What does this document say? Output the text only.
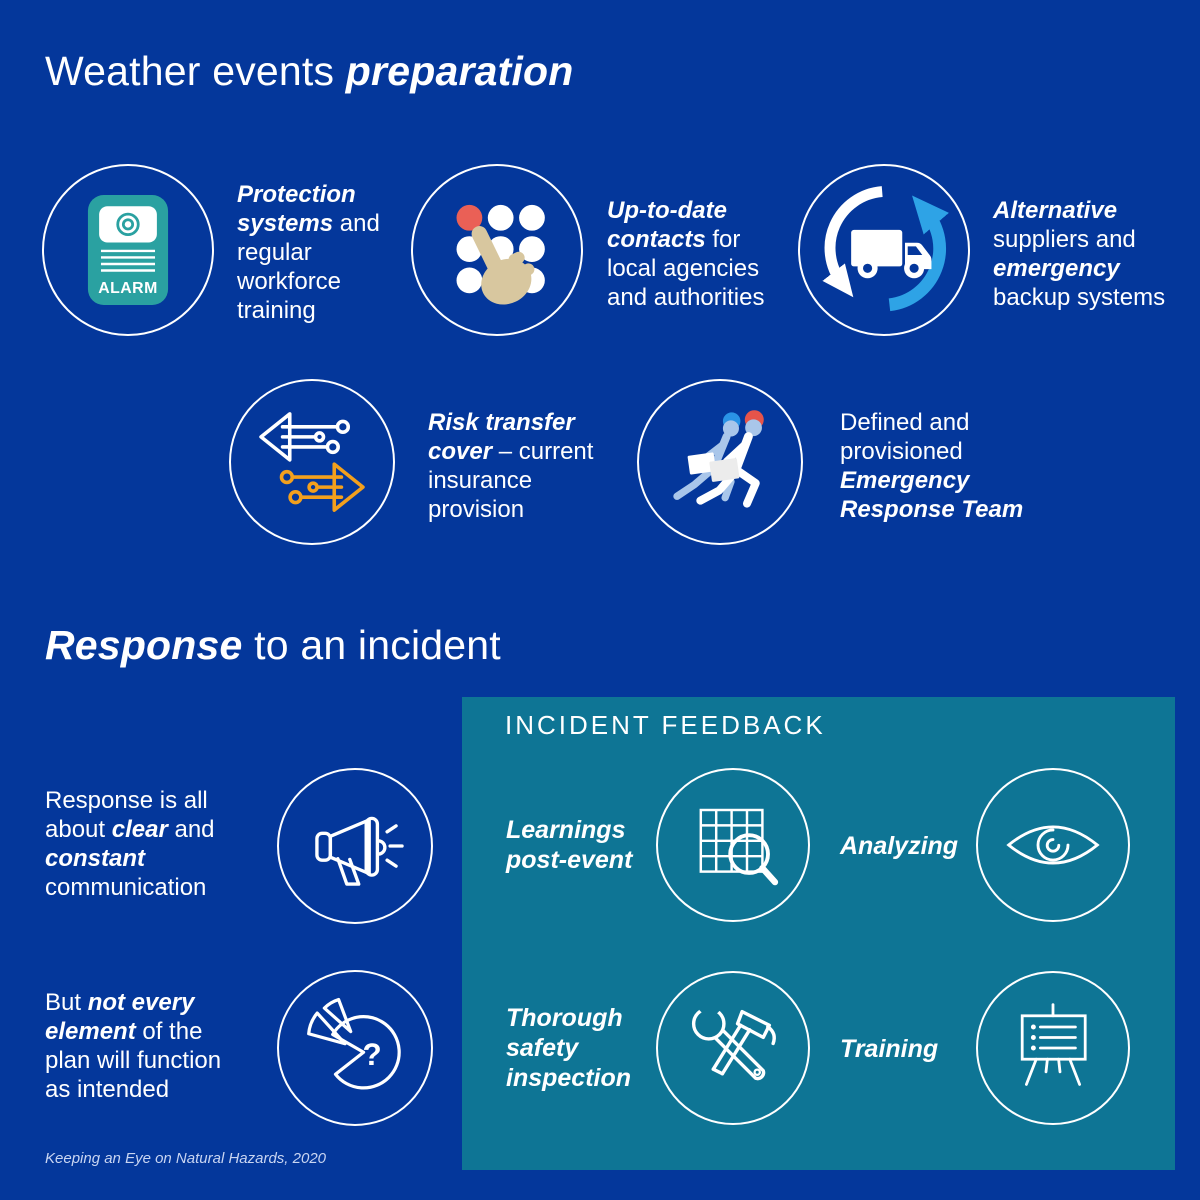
Weather events preparation
ALARM
Protection systems and regular workforce training
Up-to-date contacts for local agencies and authorities
Alternative suppliers and emergency backup systems
Risk transfer cover – current insurance provision
Defined and provisioned Emergency Response Team
Response to an incident
Response is all about clear and constant communication
But not every element of the plan will function as intended
?
INCIDENT FEEDBACK
Learnings post-event	Analyzing
Thorough safety inspection
Training
Keeping an Eye on Natural Hazards, 2020
